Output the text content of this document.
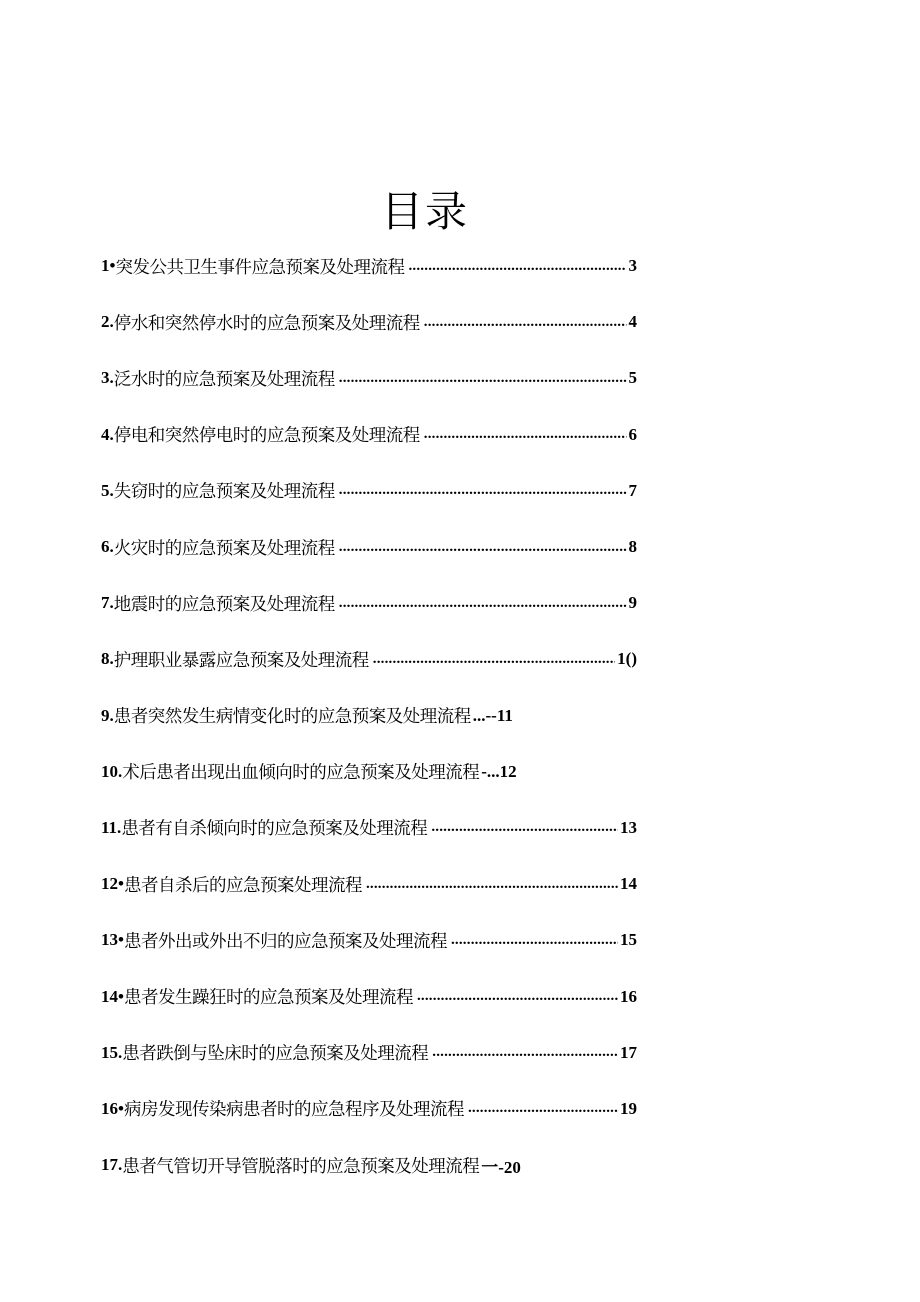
目录
1• 突发公共卫生事件应急预案及处理流程 .....	3
2. 停水和突然停水时的应急预案及处理流程 .....	4
3. 泛水时的应急预案及处理流程 .....	5
4. 停电和突然停电时的应急预案及处理流程 .....	6
5. 失窃时的应急预案及处理流程 .....	7
6. 火灾时的应急预案及处理流程 .....	8
7. 地震时的应急预案及处理流程 .....	9
8. 护理职业暴露应急预案及处理流程 .....	1()
9. 患者突然发生病情变化时的应急预案及处理流程 ...--11
10. 术后患者出现出血倾向时的应急预案及处理流程 -...12
11. 患者有自杀倾向时的应急预案及处理流程 .....	13
12• 患者自杀后的应急预案处理流程 .....	14
13• 患者外出或外出不归的应急预案及处理流程 .....	15
14• 患者发生躁狂时的应急预案及处理流程 .....	16
15. 患者跌倒与坠床时的应急预案及处理流程 .....	17
16• 病房发现传染病患者时的应急程序及处理流程 .....	19
17. 患者气管切开导管脱落时的应急预案及处理流程 一-20
